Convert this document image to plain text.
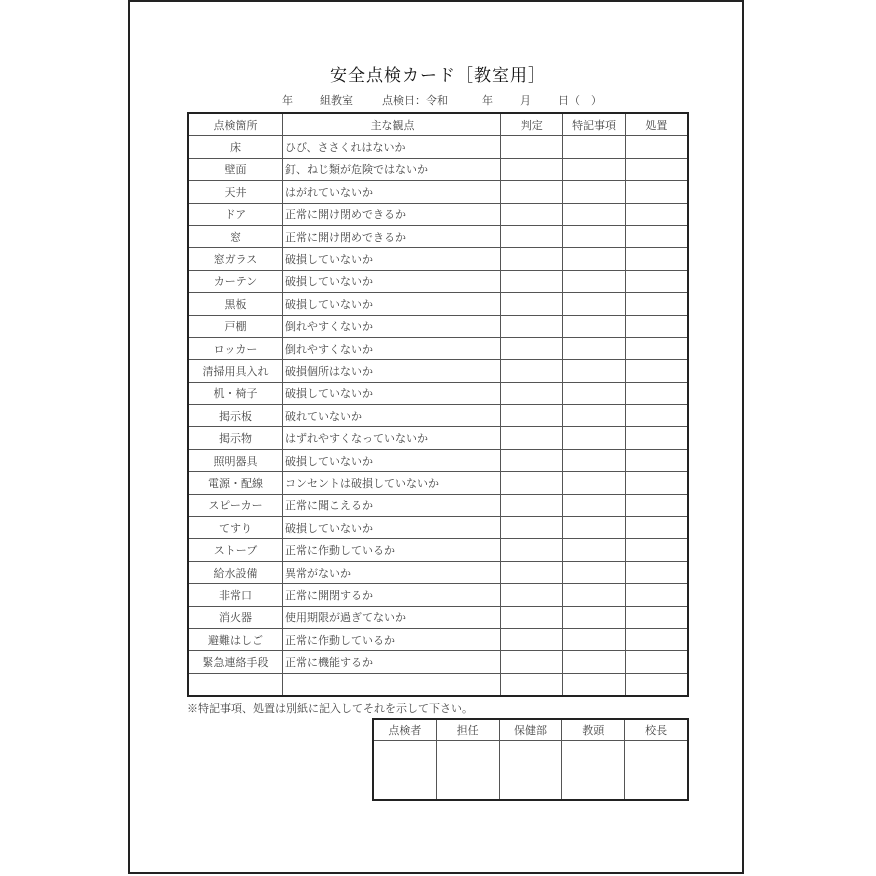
安全点検カード［教室用］
年 組教室	点検日：令和	年 月 日（　）
点検箇所	主な観点	判定	特記事項	処置
床	ひび、ささくれはないか			
壁面	釘、ねじ類が危険ではないか			
天井	はがれていないか			
ドア	正常に開け閉めできるか			
窓	正常に開け閉めできるか			
窓ガラス	破損していないか			
カーテン	破損していないか			
黒板	破損していないか			
戸棚	倒れやすくないか			
ロッカー	倒れやすくないか			
清掃用具入れ	破損個所はないか			
机・椅子	破損していないか			
掲示板	破れていないか			
掲示物	はずれやすくなっていないか			
照明器具	破損していないか			
電源・配線	コンセントは破損していないか			
スピーカー	正常に聞こえるか			
てすり	破損していないか			
ストーブ	正常に作動しているか			
給水設備	異常がないか			
非常口	正常に開閉するか			
消火器	使用期限が過ぎてないか			
避難はしご	正常に作動しているか			
緊急連絡手段	正常に機能するか			

※特記事項、処置は別紙に記入してそれを示して下さい。
点検者	担任	保健部	教頭	校長
